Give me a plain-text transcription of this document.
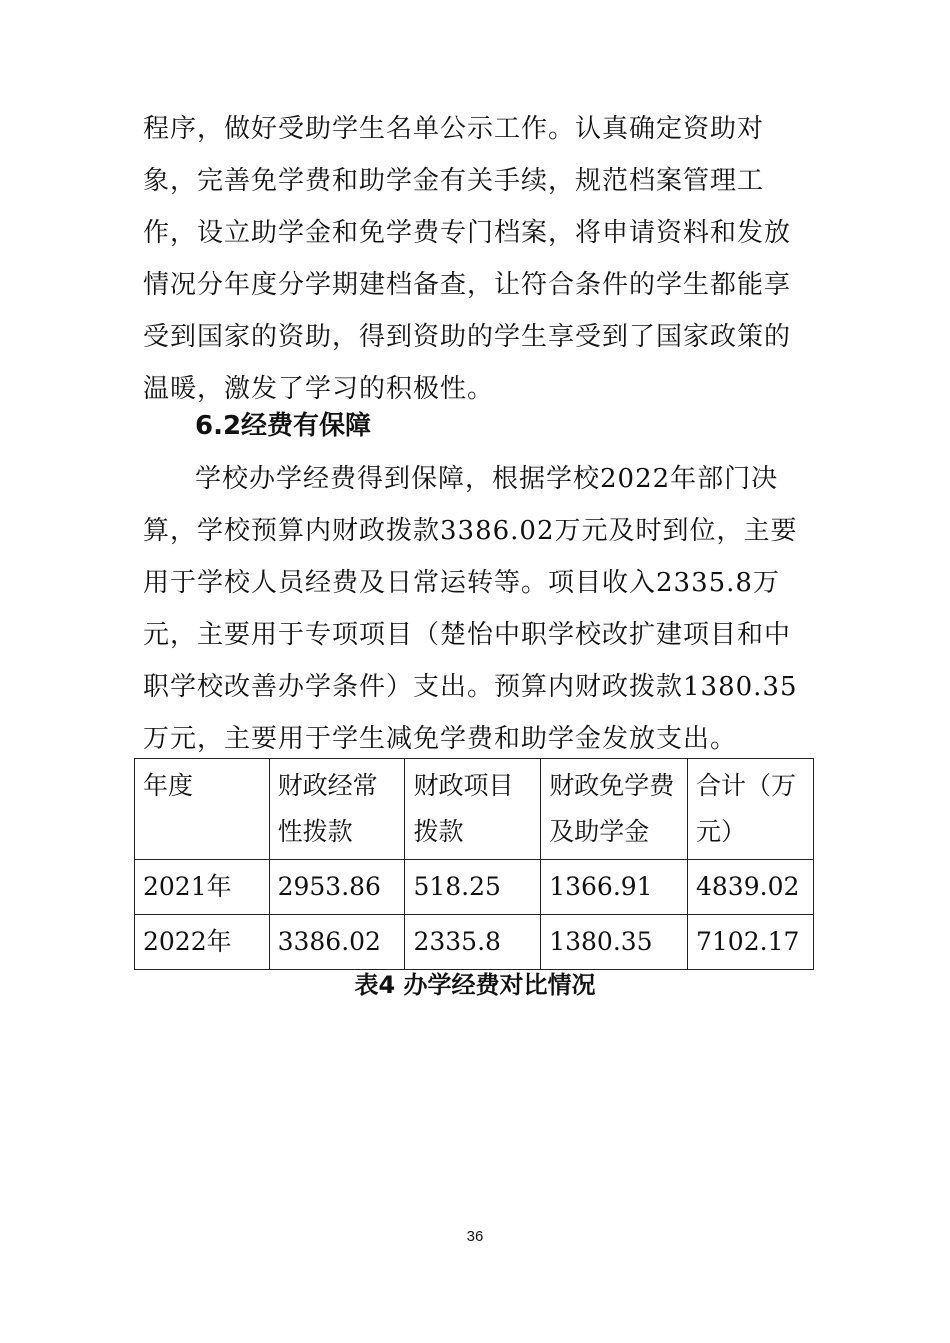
程序，做好受助学生名单公示工作。认真确定资助对象，完善免学费和助学金有关手续，规范档案管理工作，设立助学金和免学费专门档案，将申请资料和发放情况分年度分学期建档备查，让符合条件的学生都能享受到国家的资助，得到资助的学生享受到了国家政策的温暖，激发了学习的积极性。

6.2经费有保障

学校办学经费得到保障，根据学校2022年部门决算，学校预算内财政拨款3386.02万元及时到位，主要用于学校人员经费及日常运转等。项目收入2335.8万元，主要用于专项项目（楚怡中职学校改扩建项目和中职学校改善办学条件）支出。预算内财政拨款1380.35万元，主要用于学生减免学费和助学金发放支出。

年度	财政经常性拨款	财政项目拨款	财政免学费及助学金	合计（万元）
2021年	2953.86	518.25	1366.91	4839.02
2022年	3386.02	2335.8	1380.35	7102.17
表4 办学经费对比情况
36
